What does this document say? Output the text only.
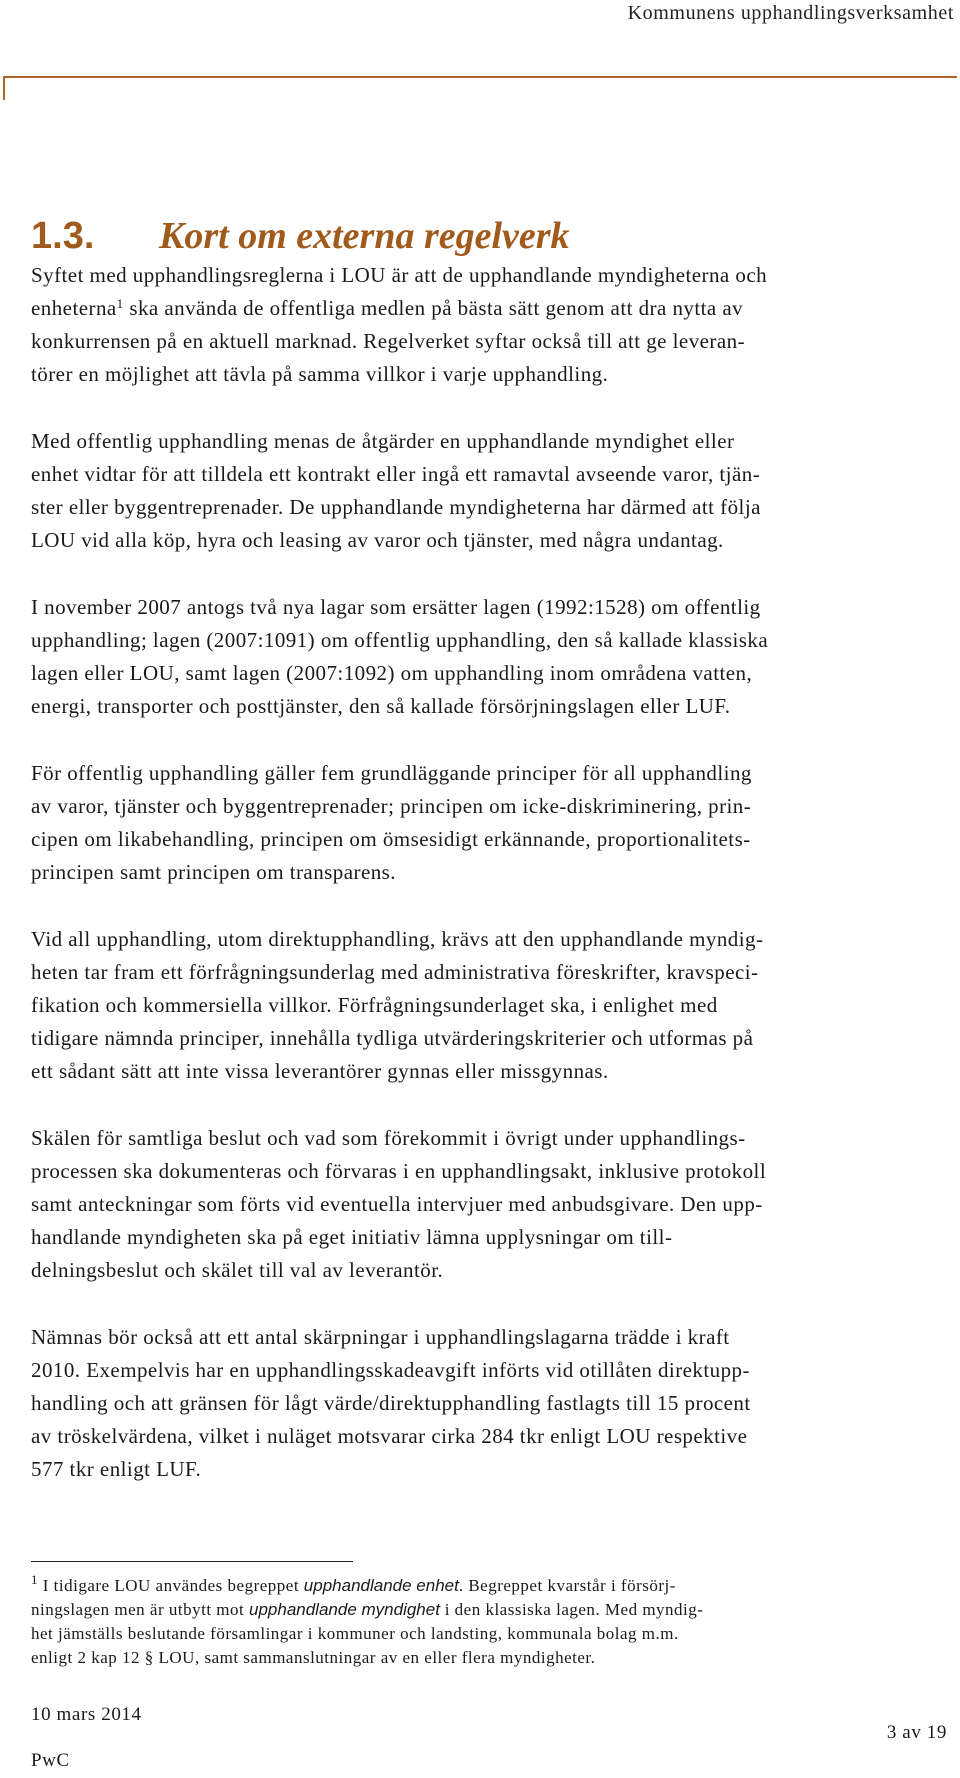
Kommunens upphandlingsverksamhet
1.3. Kort om externa regelverk

Syftet med upphandlingsreglerna i LOU är att de upphandlande myndigheterna och
enheterna$^1$ ska använda de offentliga medlen på bästa sätt genom att dra nytta av
konkurrensen på en aktuell marknad. Regelverket syftar också till att ge leveran-
törer en möjlighet att tävla på samma villkor i varje upphandling.

Med offentlig upphandling menas de åtgärder en upphandlande myndighet eller
enhet vidtar för att tilldela ett kontrakt eller ingå ett ramavtal avseende varor, tjän-
ster eller byggentreprenader. De upphandlande myndigheterna har därmed att följa
LOU vid alla köp, hyra och leasing av varor och tjänster, med några undantag.

I november 2007 antogs två nya lagar som ersätter lagen (1992:1528) om offentlig
upphandling; lagen (2007:1091) om offentlig upphandling, den så kallade klassiska
lagen eller LOU, samt lagen (2007:1092) om upphandling inom områdena vatten,
energi, transporter och posttjänster, den så kallade försörjningslagen eller LUF.

För offentlig upphandling gäller fem grundläggande principer för all upphandling
av varor, tjänster och byggentreprenader; principen om icke-diskriminering, prin-
cipen om likabehandling, principen om ömsesidigt erkännande, proportionalitets-
principen samt principen om transparens.

Vid all upphandling, utom direktupphandling, krävs att den upphandlande myndig-
heten tar fram ett förfrågningsunderlag med administrativa föreskrifter, kravspeci-
fikation och kommersiella villkor. Förfrågningsunderlaget ska, i enlighet med
tidigare nämnda principer, innehålla tydliga utvärderingskriterier och utformas på
ett sådant sätt att inte vissa leverantörer gynnas eller missgynnas.

Skälen för samtliga beslut och vad som förekommit i övrigt under upphandlings-
processen ska dokumenteras och förvaras i en upphandlingsakt, inklusive protokoll
samt anteckningar som förts vid eventuella intervjuer med anbudsgivare. Den upp-
handlande myndigheten ska på eget initiativ lämna upplysningar om till-
delningsbeslut och skälet till val av leverantör.

Nämnas bör också att ett antal skärpningar i upphandlingslagarna trädde i kraft
2010. Exempelvis har en upphandlingsskadeavgift införts vid otillåten direktupp-
handling och att gränsen för lågt värde/direktupphandling fastlagts till 15 procent
av tröskelvärdena, vilket i nuläget motsvarar cirka 284 tkr enligt LOU respektive
577 tkr enligt LUF.

$^1$ I tidigare LOU användes begreppet upphandlande enhet. Begreppet kvarstår i försörj-
ningslagen men är utbytt mot upphandlande myndighet i den klassiska lagen. Med myndig-
het jämställs beslutande församlingar i kommuner och landsting, kommunala bolag m.m.
enligt 2 kap 12 § LOU, samt sammanslutningar av en eller flera myndigheter.
10 mars 2014
3 av 19
PwC
